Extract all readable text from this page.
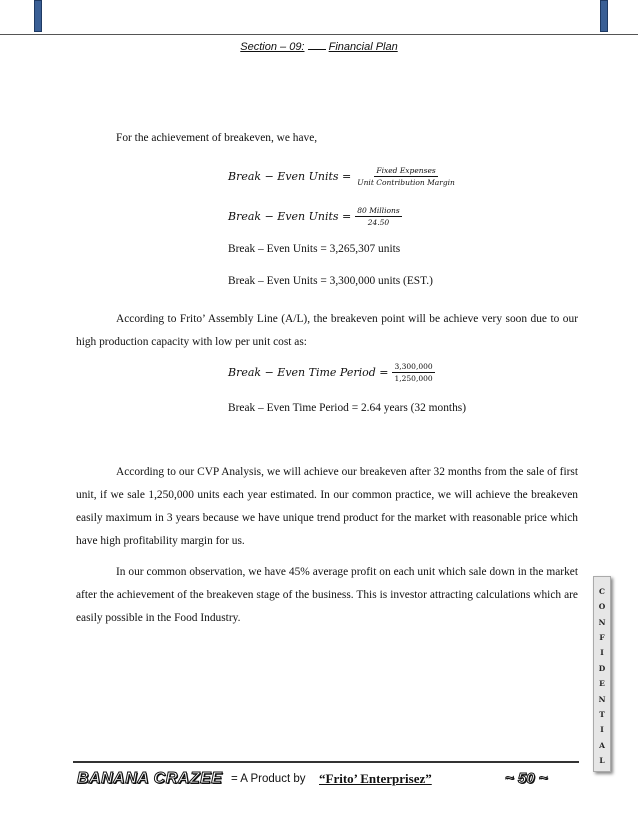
Section – 09: Financial Plan
For the achievement of breakeven, we have,
Break − Even Units = $\frac{\text{Fixed Expenses}}{\text{Unit Contribution Margin}}$
Break − Even Units = $\frac{\text{80 Millions}}{24.50}$
Break – Even Units = 3,265,307 units
Break – Even Units = 3,300,000 units (EST.)
According to Frito’ Assembly Line (A/L), the breakeven point will be achieve very soon due to our high production capacity with low per unit cost as:
Break − Even Time Period = $\frac{3,300,000}{1,250,000}$
Break – Even Time Period = 2.64 years (32 months)
According to our CVP Analysis, we will achieve our breakeven after 32 months from the sale of first unit, if we sale 1,250,000 units each year estimated. In our common practice, we will achieve the breakeven easily maximum in 3 years because we have unique trend product for the market with reasonable price which have high profitability margin for us.
In our common observation, we have 45% average profit on each unit which sale down in the market after the achievement of the breakeven stage of the business. This is investor attracting calculations which are easily possible in the Food Industry.
C
O
N
F
I
D
E
N
T
I
A
L
BANANA CRAZEE = A Product by “Frito’ Enterprisez”	~ 50 ~
